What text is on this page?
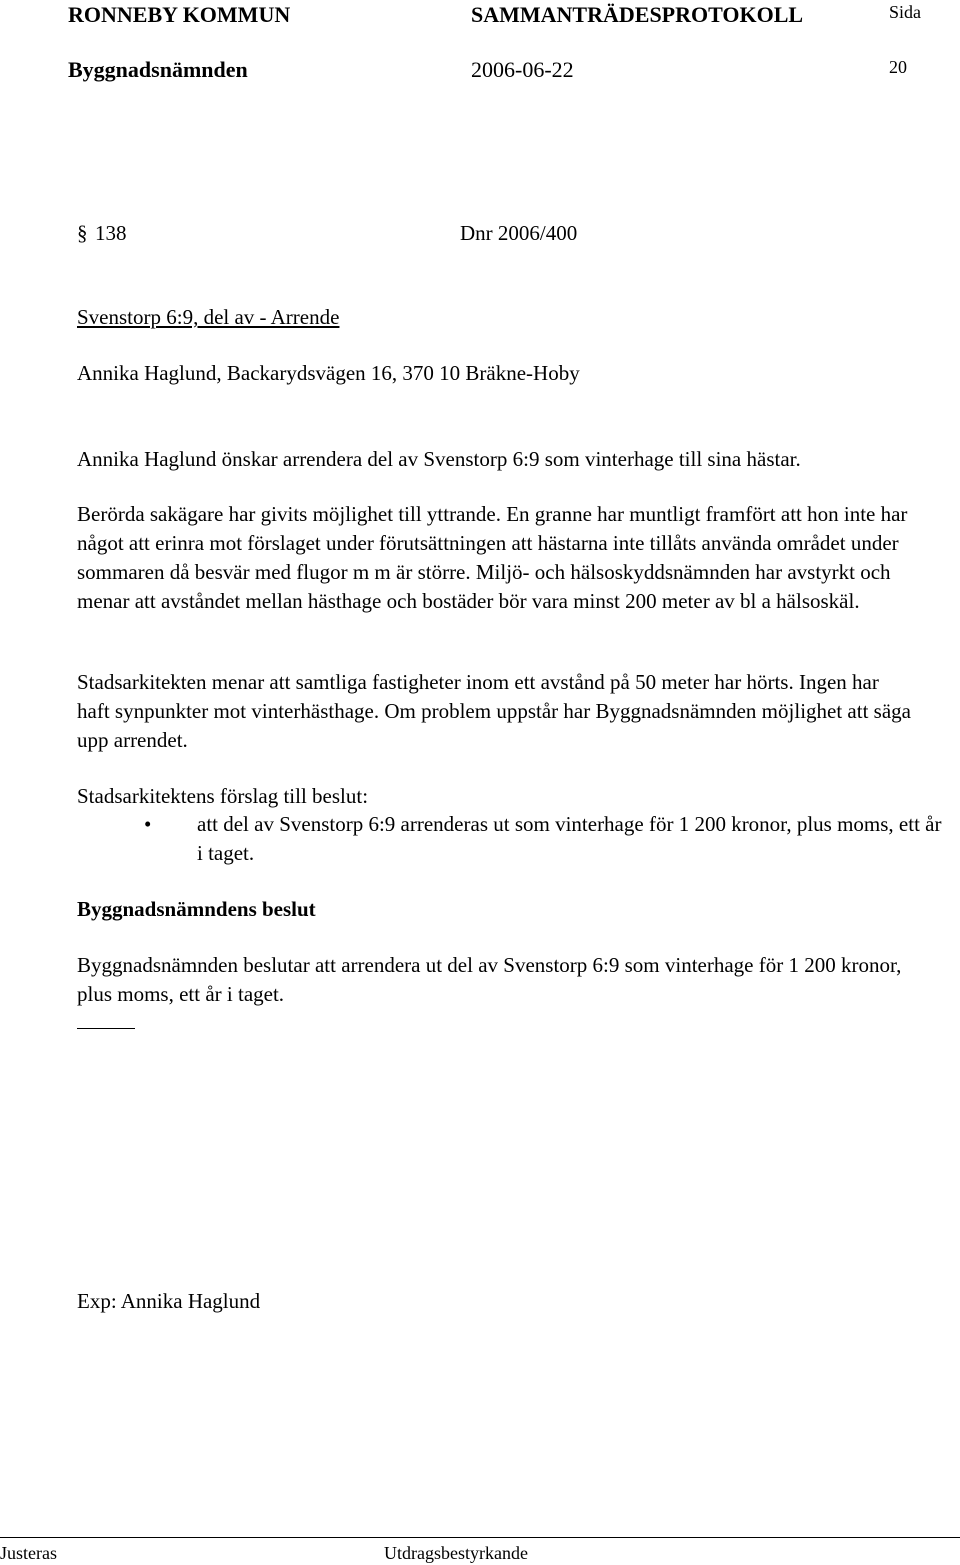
RONNEBY KOMMUN	SAMMANTRÄDESPROTOKOLL	Sida
Byggnadsnämnden	2006-06-22	20
§ 138	Dnr 2006/400
Svenstorp 6:9, del av - Arrende
Annika Haglund, Backarydsvägen 16, 370 10 Bräkne-Hoby

Annika Haglund önskar arrendera del av Svenstorp 6:9 som vinterhage till sina hästar.

Berörda sakägare har givits möjlighet till yttrande. En granne har muntligt framfört att hon inte har något att erinra mot förslaget under förutsättningen att hästarna inte tillåts använda området under sommaren då besvär med flugor m m är större. Miljö- och hälsoskyddsnämnden har avstyrkt och menar att avståndet mellan hästhage och bostäder bör vara minst 200 meter av bl a hälsoskäl.

Stadsarkitekten menar att samtliga fastigheter inom ett avstånd på 50 meter har hörts. Ingen har haft synpunkter mot vinterhästhage. Om problem uppstår har Byggnadsnämnden möjlighet att säga upp arrendet.

Stadsarkitektens förslag till beslut:
• att del av Svenstorp 6:9 arrenderas ut som vinterhage för 1 200 kronor, plus moms, ett år i taget.

Byggnadsnämndens beslut

Byggnadsnämnden beslutar att arrendera ut del av Svenstorp 6:9 som vinterhage för 1 200 kronor, plus moms, ett år i taget.

Exp: Annika Haglund
Justeras	Utdragsbestyrkande
